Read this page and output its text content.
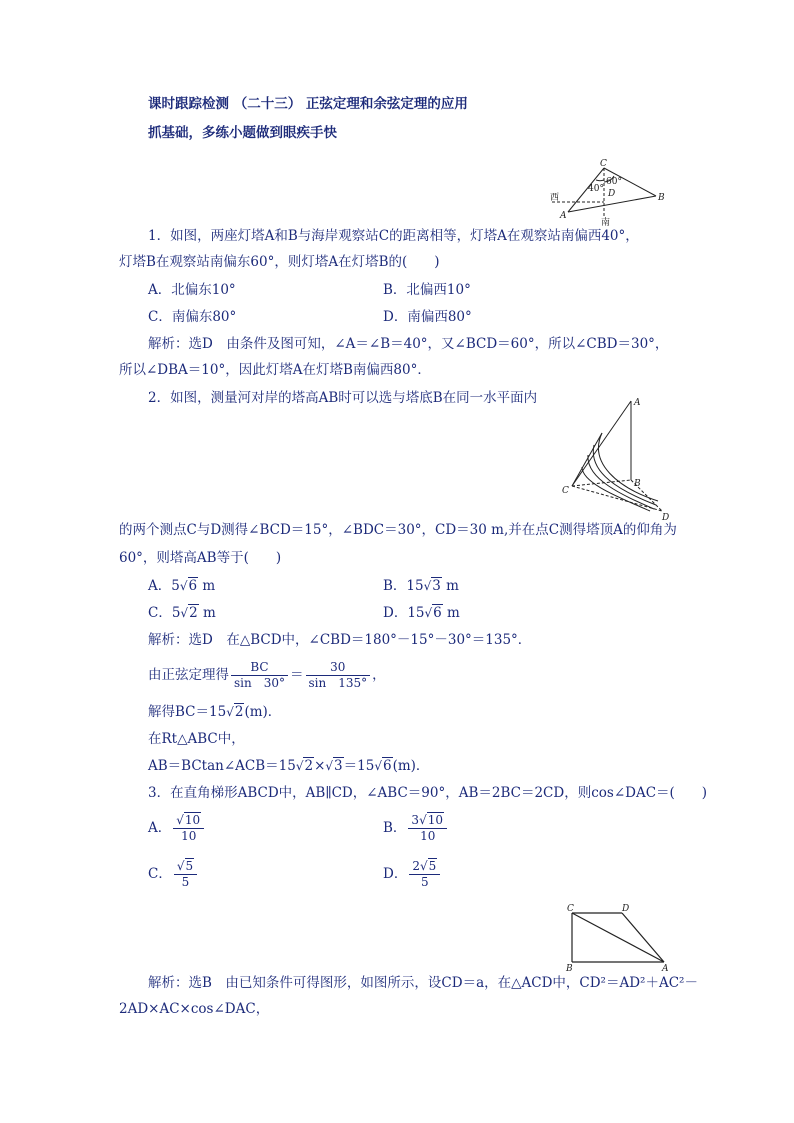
课时跟踪检测 （二十三） 正弦定理和余弦定理的应用
抓基础，多练小题做到眼疾手快
C
60°
40° D
西	B
A
南
1．如图，两座灯塔A和B与海岸观察站C的距离相等，灯塔A在观察站南偏西40°，
灯塔B在观察站南偏东60°，则灯塔A在灯塔B的(　　)
A．北偏东10°	B．北偏西10°
C．南偏东80°	D．南偏西80°
解析：选D　由条件及图可知，∠A＝∠B＝40°，又∠BCD＝60°，所以∠CBD＝30°，
所以∠DBA＝10°，因此灯塔A在灯塔B南偏西80°．
2．如图，测量河对岸的塔高AB时可以选与塔底B在同一水平面内	A
B
C
D
的两个测点C与D测得∠BCD＝15°，∠BDC＝30°，CD＝30 m,并在点C测得塔顶A的仰角为
60°，则塔高AB等于(　　)
A．5√6 m	B．15√3 m
C．5√2 m	D．15√6 m
解析：选D　在△BCD中，∠CBD＝180°－15°－30°＝135°．
由正弦定理得 $\frac{BC}{\sin 30^\circ} = \frac{30}{\sin 135^\circ}$ ，
解得BC＝15√2(m)．
在Rt△ABC中，
AB＝BCtan∠ACB＝15√2×√3＝15√6(m)．
3．在直角梯形ABCD中，AB∥CD，∠ABC＝90°，AB＝2BC＝2CD，则cos∠DAC＝(　　)
A． $\frac{√10}{10}$	B． $\frac{3√10}{10}$
C． $\frac{√5}{5}$	D． $\frac{2√5}{5}$
C	D
B	A
解析：选B　由已知条件可得图形，如图所示，设CD＝a，在△ACD中，CD²＝AD²＋AC²－
2AD×AC×cos∠DAC，
